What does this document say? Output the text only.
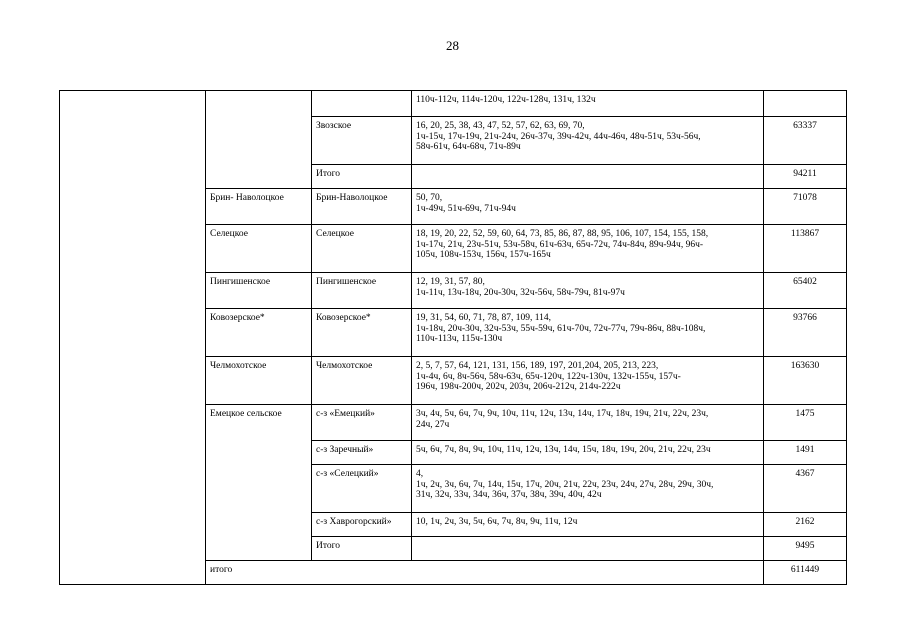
28
			110ч-112ч, 114ч-120ч, 122ч-128ч, 131ч, 132ч	
		Звозское	16, 20, 25, 38, 43, 47, 52, 57, 62, 63, 69, 70,
1ч-15ч, 17ч-19ч, 21ч-24ч, 26ч-37ч, 39ч-42ч, 44ч-46ч, 48ч-51ч, 53ч-56ч,
58ч-61ч, 64ч-68ч, 71ч-89ч	63337
		Итого		94211
	Брин- Наволоцкое	Брин-Наволоцкое	50, 70,
1ч-49ч, 51ч-69ч, 71ч-94ч	71078
	Селецкое	Селецкое	18, 19, 20, 22, 52, 59, 60, 64, 73, 85, 86, 87, 88, 95, 106, 107, 154, 155, 158,
1ч-17ч, 21ч, 23ч-51ч, 53ч-58ч, 61ч-63ч, 65ч-72ч, 74ч-84ч, 89ч-94ч, 96ч-
105ч, 108ч-153ч, 156ч, 157ч-165ч	113867
	Пингишенское	Пингишенское	12, 19, 31, 57, 80,
1ч-11ч, 13ч-18ч, 20ч-30ч, 32ч-56ч, 58ч-79ч, 81ч-97ч	65402
	Ковозерское*	Ковозерское*	19, 31, 54, 60, 71, 78, 87, 109, 114,
1ч-18ч, 20ч-30ч, 32ч-53ч, 55ч-59ч, 61ч-70ч, 72ч-77ч, 79ч-86ч, 88ч-108ч,
110ч-113ч, 115ч-130ч	93766
	Челмохотское	Челмохотское	2, 5, 7, 57, 64, 121, 131, 156, 189, 197, 201,204, 205, 213, 223,
1ч-4ч, 6ч, 8ч-56ч, 58ч-63ч, 65ч-120ч, 122ч-130ч, 132ч-155ч, 157ч-
196ч, 198ч-200ч, 202ч, 203ч, 206ч-212ч, 214ч-222ч	163630
	Емецкое сельское	с-з «Емецкий»	3ч, 4ч, 5ч, 6ч, 7ч, 9ч, 10ч, 11ч, 12ч, 13ч, 14ч, 17ч, 18ч, 19ч, 21ч, 22ч, 23ч,
24ч, 27ч	1475
		с-з Заречный»	5ч, 6ч, 7ч, 8ч, 9ч, 10ч, 11ч, 12ч, 13ч, 14ч, 15ч, 18ч, 19ч, 20ч, 21ч, 22ч, 23ч	1491
		с-з «Селецкий»	4,
1ч, 2ч, 3ч, 6ч, 7ч, 14ч, 15ч, 17ч, 20ч, 21ч, 22ч, 23ч, 24ч, 27ч, 28ч, 29ч, 30ч,
31ч, 32ч, 33ч, 34ч, 36ч, 37ч, 38ч, 39ч, 40ч, 42ч	4367
		с-з Хаврогорский»	10, 1ч, 2ч, 3ч, 5ч, 6ч, 7ч, 8ч, 9ч, 11ч, 12ч	2162
		Итого		9495
	итого			611449
